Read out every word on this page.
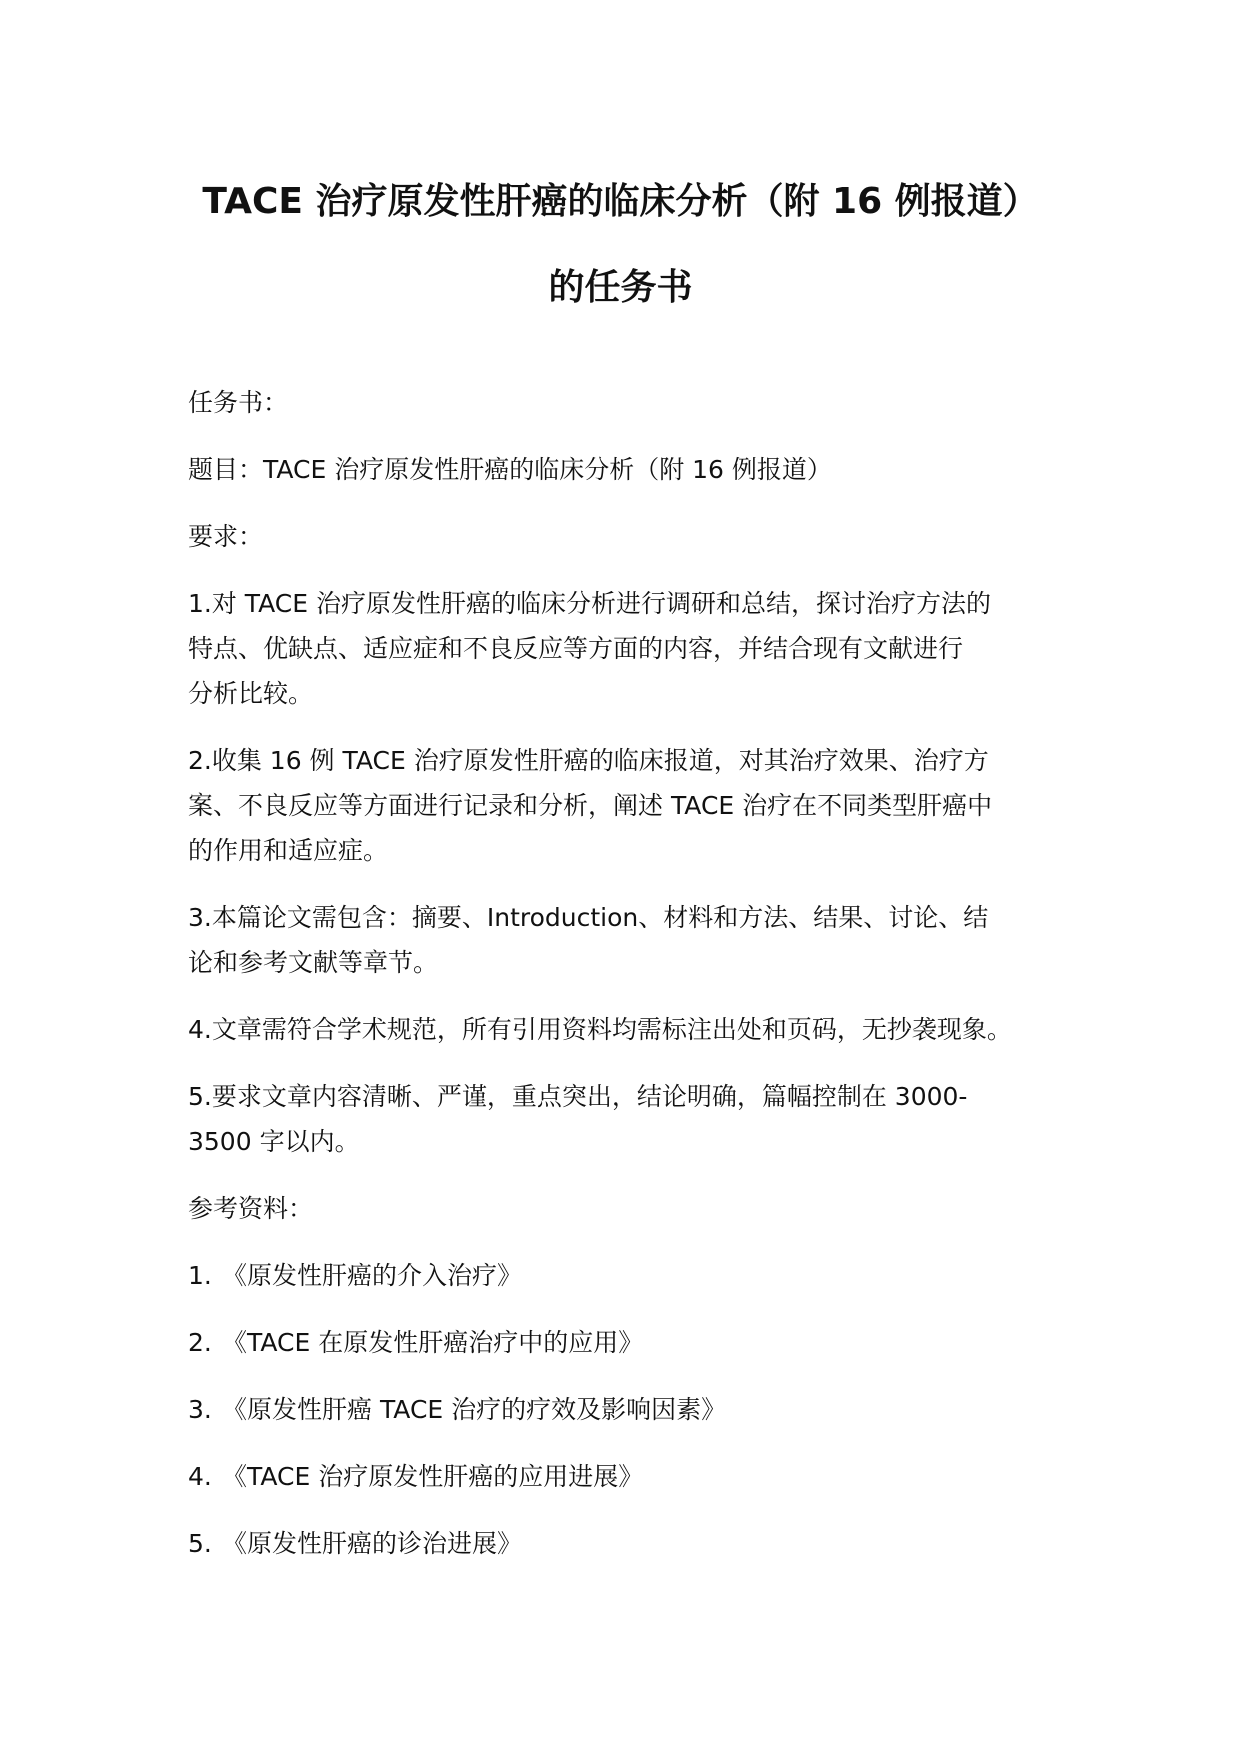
TACE 治疗原发性肝癌的临床分析（附 16 例报道）
的任务书

任务书：

题目：TACE 治疗原发性肝癌的临床分析（附 16 例报道）

要求：

1.对 TACE 治疗原发性肝癌的临床分析进行调研和总结，探讨治疗方法的
特点、优缺点、适应症和不良反应等方面的内容，并结合现有文献进行
分析比较。

2.收集 16 例 TACE 治疗原发性肝癌的临床报道，对其治疗效果、治疗方
案、不良反应等方面进行记录和分析，阐述 TACE 治疗在不同类型肝癌中
的作用和适应症。

3.本篇论文需包含：摘要、Introduction、材料和方法、结果、讨论、结
论和参考文献等章节。

4.文章需符合学术规范，所有引用资料均需标注出处和页码，无抄袭现象。

5.要求文章内容清晰、严谨，重点突出，结论明确，篇幅控制在 3000-
3500 字以内。

参考资料：

1. 《原发性肝癌的介入治疗》

2. 《TACE 在原发性肝癌治疗中的应用》

3. 《原发性肝癌 TACE 治疗的疗效及影响因素》

4. 《TACE 治疗原发性肝癌的应用进展》

5. 《原发性肝癌的诊治进展》
